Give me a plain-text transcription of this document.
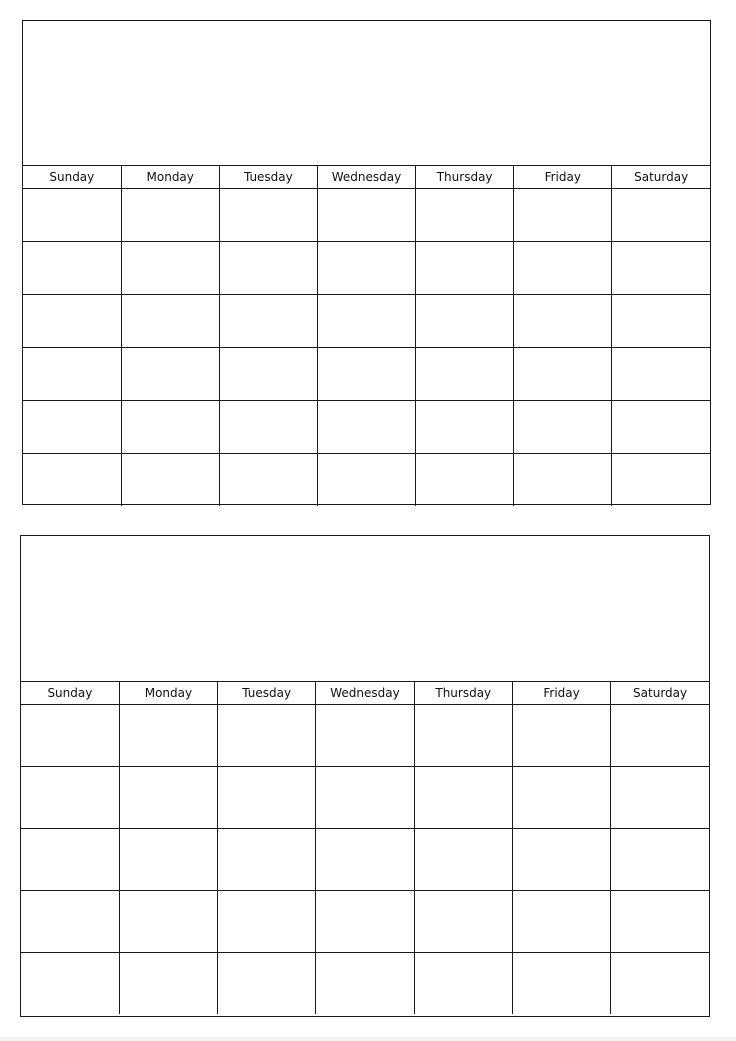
Sunday	Monday	Tuesday	Wednesday	Thursday	Friday	Saturday

Sunday	Monday	Tuesday	Wednesday	Thursday	Friday	Saturday
